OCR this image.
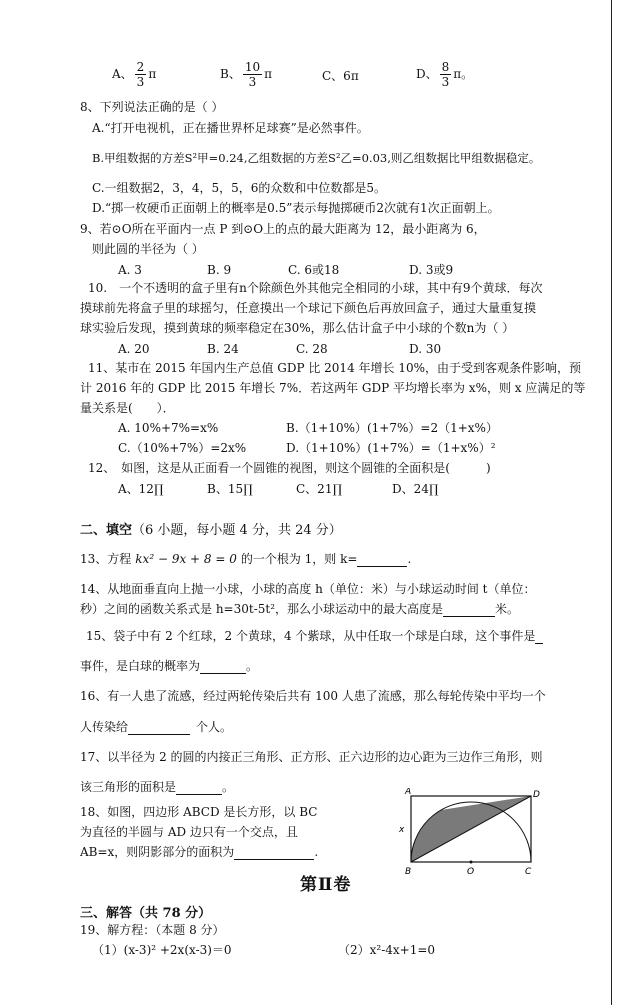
A、 $\frac{2}{3}$ π	B、 $\frac{10}{3}$ π	C、6π	D、 $\frac{8}{3}$ π。
8、下列说法正确的是（ ）
A.“打开电视机，正在播世界杯足球赛”是必然事件。
B.甲组数据的方差S²甲=0.24,乙组数据的方差S²乙=0.03,则乙组数据比甲组数据稳定。
C.一组数据2，3，4，5，5，6的众数和中位数都是5。
D.“掷一枚硬币正面朝上的概率是0.5”表示每抛掷硬币2次就有1次正面朝上。
9、若⊙O所在平面内一点 P 到⊙O上的点的最大距离为 12，最小距离为 6，
则此圆的半径为（ ）
A. 3	B. 9	C. 6或18	D. 3或9
10.　一个不透明的盒子里有n个除颜色外其他完全相同的小球，其中有9个黄球．每次
摸球前先将盒子里的球摇匀，任意摸出一个球记下颜色后再放回盒子，通过大量重复摸
球实验后发现，摸到黄球的频率稳定在30%，那么估计盒子中小球的个数n为（ ）
A. 20	B. 24	C. 28	D. 30
11、某市在 2015 年国内生产总值 GDP 比 2014 年增长 10%，由于受到客观条件影响，预
计 2016 年的 GDP 比 2015 年增长 7%．若这两年 GDP 平均增长率为 x%，则 x 应满足的等
量关系是(　　）．
A. 10%+7%=x%	B.（1+10%）(1+7%）=2（1+x%）
C.（10%+7%）=2x%	D.（1+10%）(1+7%）=（1+x%）²
12、　如图，这是从正面看一个圆锥的视图，则这个圆锥的全面积是(　　　)
A、12∏	B、15∏	C、21∏	D、24∏
二、填空（6 小题，每小题 4 分，共 24 分）
13、方程 kx² − 9x + 8 = 0 的一个根为 1，则 k=	.
14、从地面垂直向上抛一小球，小球的高度 h（单位：米）与小球运动时间 t（单位：
秒）之间的函数关系式是 h=30t-5t²，那么小球运动中的最大高度是	米。
15、袋子中有 2 个红球，2 个黄球，4 个紫球，从中任取一个球是白球，这个事件是
事件，是白球的概率为	。
16、有一人患了流感，经过两轮传染后共有 100 人患了流感，那么每轮传染中平均一个
人传染给	个人。
17、以半径为 2 的圆的内接正三角形、正方形、正六边形的边心距为三边作三角形，则
该三角形的面积是	。
18、如图，四边形 ABCD 是长方形，以 BC
为直径的半圆与 AD 边只有一个交点，且
AB=x，则阴影部分的面积为	.
A	D
B	O	C
x
第Ⅱ卷
三、解答（共 78 分）
19、解方程：（本题 8 分）
（1）(x-3)² +2x(x-3)＝0	（2）x²-4x+1=0
